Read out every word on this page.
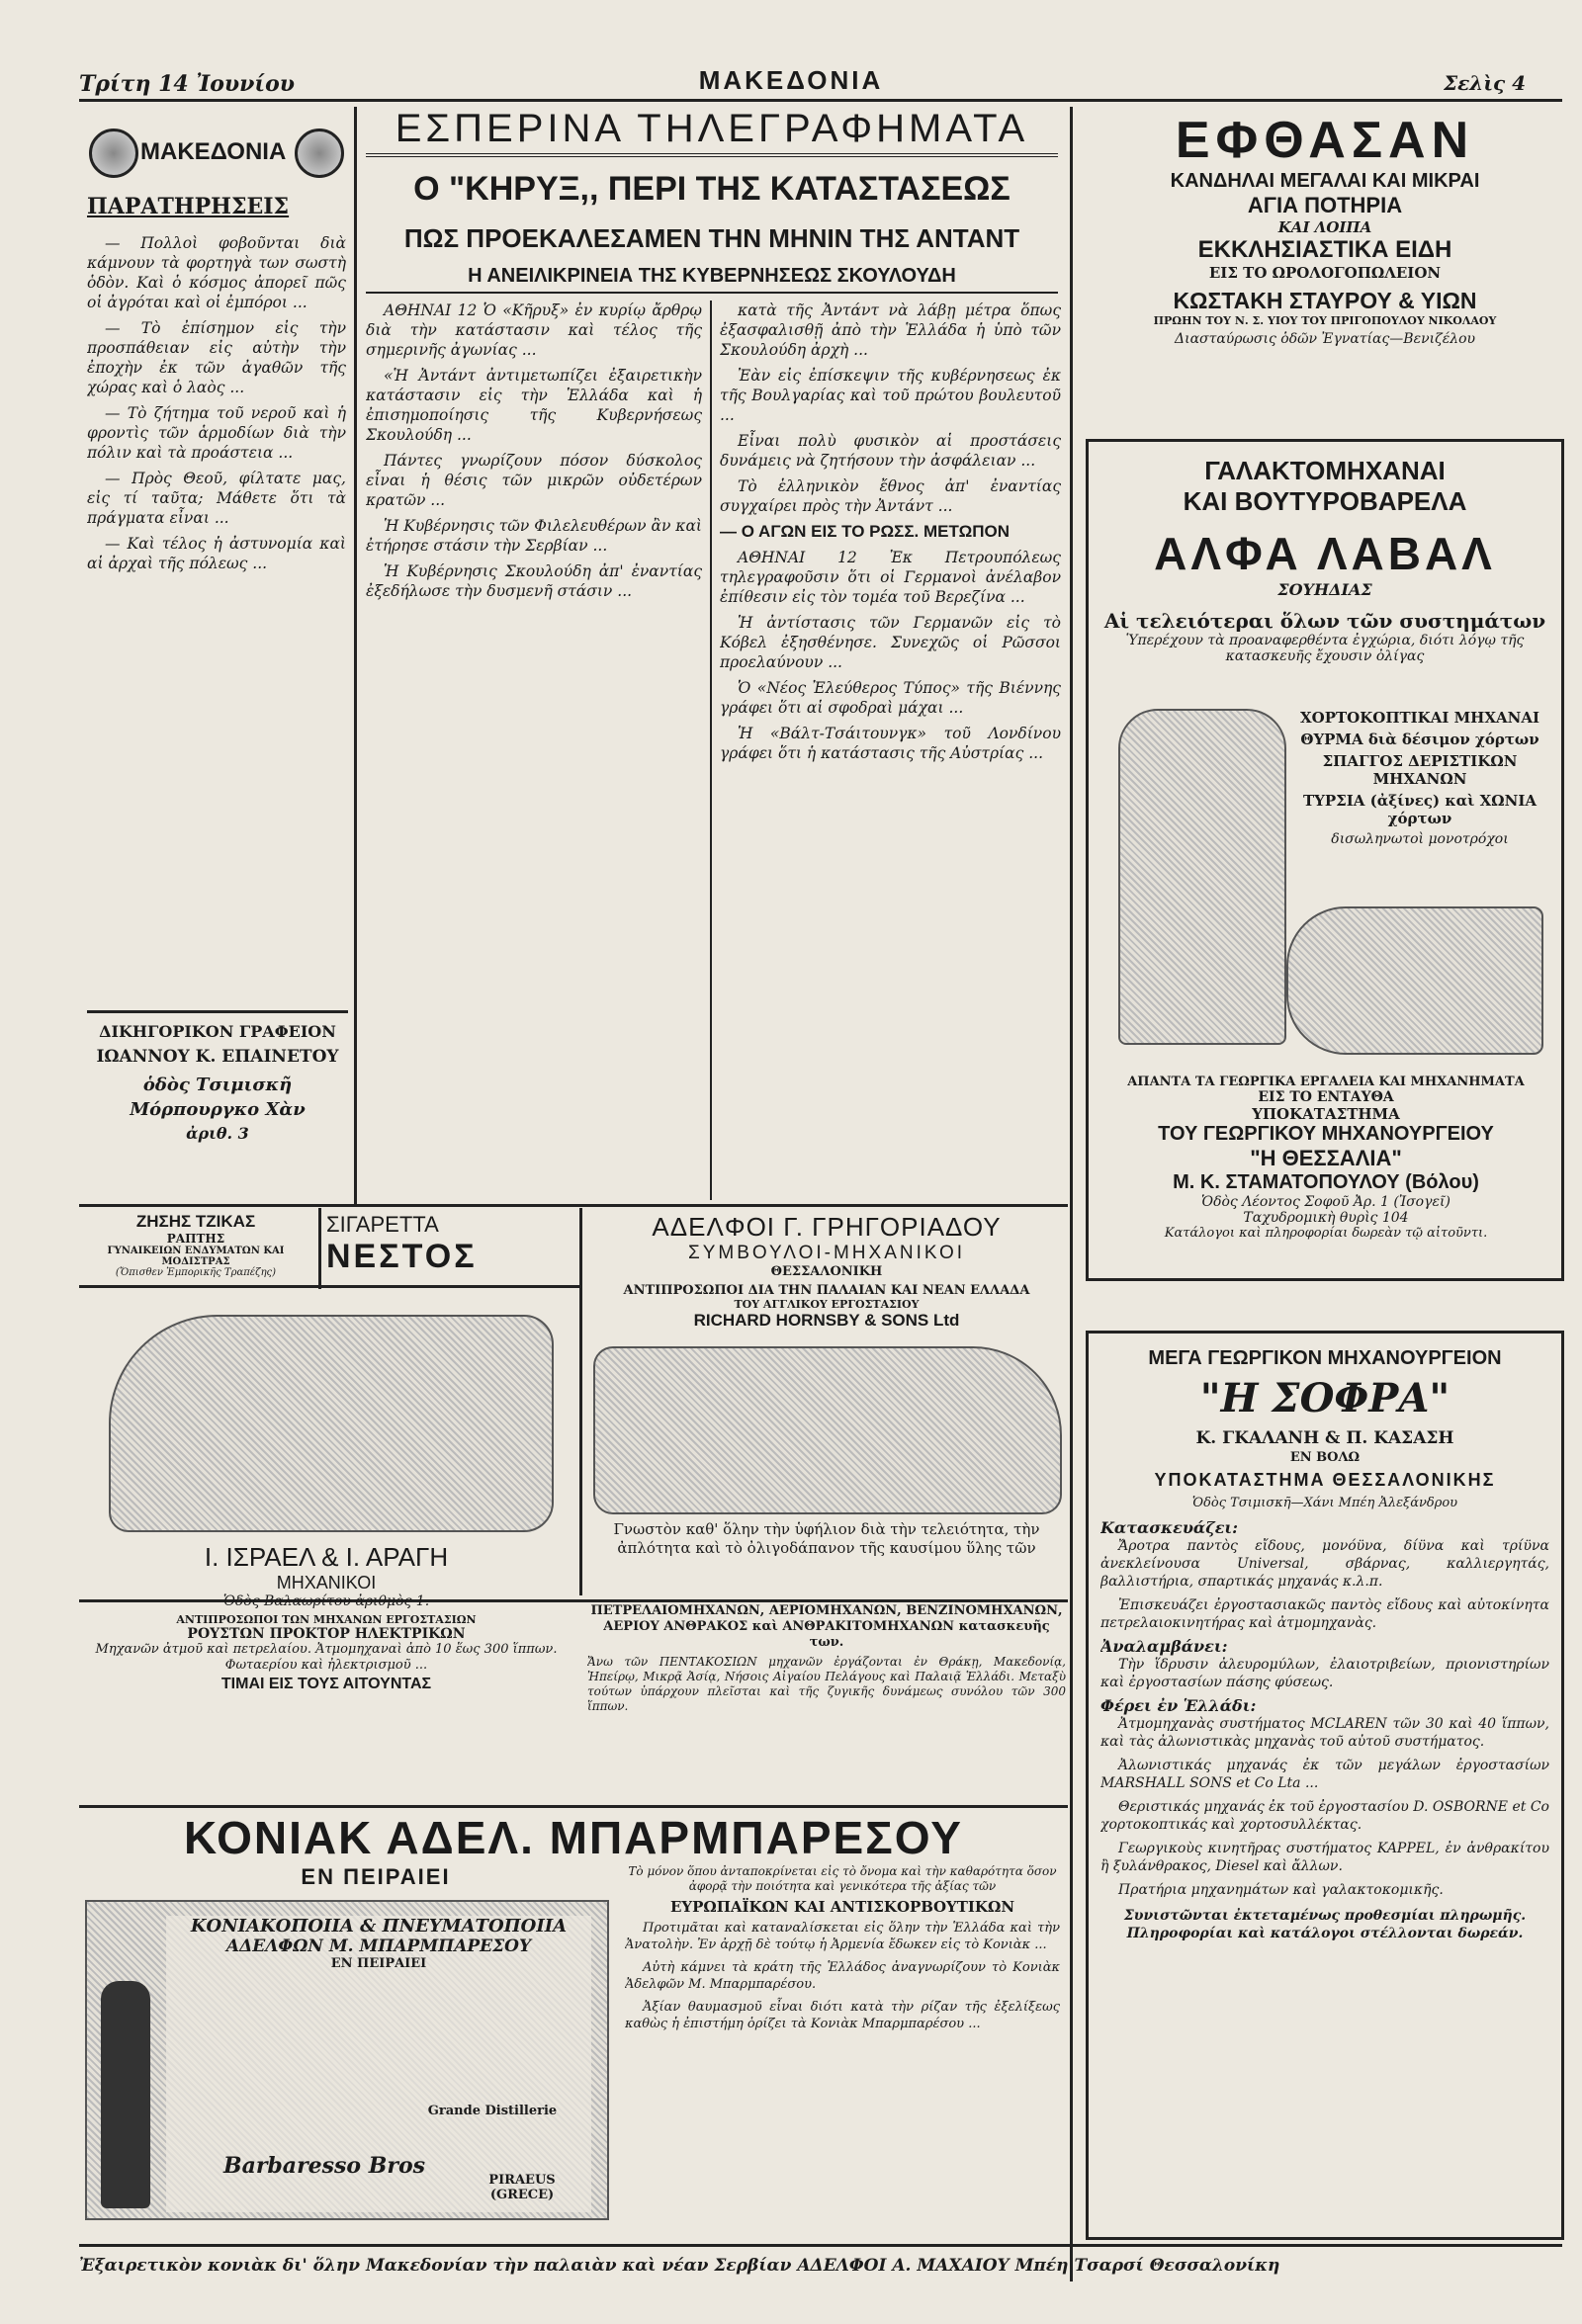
Τρίτη 14 Ἰουνίου	ΜΑΚΕΔΟΝΙΑ	Σελὶς 4
ΜΑΚΕΔΟΝΙΑ
ΠΑΡΑΤΗΡΗΣΕΙΣ

— Πολλοὶ φοβοῦνται διὰ κάμνουν τὰ φορτηγὰ των σωστὴ ὁδὸν. Καὶ ὁ κόσμος ἀπορεῖ πῶς οἱ ἀγρόται καὶ οἱ ἐμπόροι ...

— Τὸ ἐπίσημον εἰς τὴν προσπάθειαν εἰς αὐτὴν τὴν ἐποχὴν ἐκ τῶν ἀγαθῶν τῆς χώρας καὶ ὁ λαὸς ...

— Τὸ ζήτημα τοῦ νεροῦ καὶ ἡ φροντὶς τῶν ἁρμοδίων διὰ τὴν πόλιν καὶ τὰ προάστεια ...

— Πρὸς Θεοῦ, φίλτατε μας, εἰς τί ταῦτα; Μάθετε ὅτι τὰ πράγματα εἶναι ...

— Καὶ τέλος ἡ ἀστυνομία καὶ αἱ ἀρχαὶ τῆς πόλεως ...

ΔΙΚΗΓΟΡΙΚΟΝ ΓΡΑΦΕΙΟΝ
ΙΩΑΝΝΟΥ Κ. ΕΠΑΙΝΕΤΟΥ
ὁδὸς Τσιμισκῆ
Μόρπουργκο Χὰν
ἀριθ. 3
ΕΣΠΕΡΙΝΑ ΤΗΛΕΓΡΑΦΗΜΑΤΑ
Ο "ΚΗΡΥΞ,, ΠΕΡΙ ΤΗΣ ΚΑΤΑΣΤΑΣΕΩΣ
ΠΩΣ ΠΡΟΕΚΑΛΕΣΑΜΕΝ ΤΗΝ ΜΗΝΙΝ ΤΗΣ ΑΝΤΑΝΤ
Η ΑΝΕΙΛΙΚΡΙΝΕΙΑ ΤΗΣ ΚΥΒΕΡΝΗΣΕΩΣ ΣΚΟΥΛΟΥΔΗ

ΑΘΗΝΑΙ 12 Ὁ «Κῆρυξ» ἐν κυρίῳ ἄρθρῳ διὰ τὴν κατάστασιν καὶ τέλος τῆς σημερινῆς ἀγωνίας ...

«Ἡ Ἀντάντ ἀντιμετωπίζει ἐξαιρετικὴν κατάστασιν εἰς τὴν Ἑλλάδα καὶ ἡ ἐπισημοποίησις τῆς Κυβερνήσεως Σκουλούδη ...

Πάντες γνωρίζουν πόσον δύσκολος εἶναι ἡ θέσις τῶν μικρῶν οὐδετέρων κρατῶν ...

Ἡ Κυβέρνησις τῶν Φιλελευθέρων ἂν καὶ ἐτήρησε στάσιν τὴν Σερβίαν ...

Ἡ Κυβέρνησις Σκουλούδη ἀπ' ἐναντίας ἐξεδήλωσε τὴν δυσμενῆ στάσιν ...

κατὰ τῆς Ἀντάντ νὰ λάβῃ μέτρα ὅπως ἐξασφαλισθῇ ἀπὸ τὴν Ἑλλάδα ἡ ὑπὸ τῶν Σκουλούδη ἀρχὴ ...

Ἐὰν εἰς ἐπίσκεψιν τῆς κυβέρνησεως ἐκ τῆς Βουλγαρίας καὶ τοῦ πρώτου βουλευτοῦ ...

Εἶναι πολὺ φυσικὸν αἱ προστάσεις δυνάμεις νὰ ζητήσουν τὴν ἀσφάλειαν ...

Τὸ ἑλληνικὸν ἔθνος ἀπ' ἐναντίας συγχαίρει πρὸς τὴν Ἀντάντ ...

— Ο ΑΓΩΝ ΕΙΣ ΤΟ ΡΩΣΣ. ΜΕΤΩΠΟΝ

ΑΘΗΝΑΙ 12 Ἐκ Πετρουπόλεως τηλεγραφοῦσιν ὅτι οἱ Γερμανοὶ ἀνέλαβον ἐπίθεσιν εἰς τὸν τομέα τοῦ Βερεζίνα ...

Ἡ ἀντίστασις τῶν Γερμανῶν εἰς τὸ Κόβελ ἐξησθένησε. Συνεχῶς οἱ Ρῶσσοι προελαύνουν ...

Ὁ «Νέος Ἐλεύθερος Τύπος» τῆς Βιέννης γράφει ὅτι αἱ σφοδραὶ μάχαι ...

Ἡ «Βάλτ-Τσάιτουνγκ» τοῦ Λονδίνου γράφει ὅτι ἡ κατάστασις τῆς Αὐστρίας ...

ΕΦΘΑΣΑΝ
ΚΑΝΔΗΛΑΙ ΜΕΓΑΛΑΙ ΚΑΙ ΜΙΚΡΑΙ
ΑΓΙΑ ΠΟΤΗΡΙΑ
ΚΑΙ ΛΟΙΠΑ
ΕΚΚΛΗΣΙΑΣΤΙΚΑ ΕΙΔΗ
ΕΙΣ ΤΟ ΩΡΟΛΟΓΟΠΩΛΕΙΟΝ
ΚΩΣΤΑΚΗ ΣΤΑΥΡΟΥ & ΥΙΩΝ
ΠΡΩΗΝ ΤΟΥ Ν. Σ. ΥΙΟΥ ΤΟΥ ΠΡΙΓΟΠΟΥΛΟΥ ΝΙΚΟΛΑΟΥ
Διασταύρωσις ὁδῶν Ἐγνατίας—Βενιζέλου
ΓΑΛΑΚΤΟΜΗΧΑΝΑΙ
ΚΑΙ ΒΟΥΤΥΡΟΒΑΡΕΛΑ
ΑΛΦΑ ΛΑΒΑΛ
ΣΟΥΗΔΙΑΣ
Αἱ τελειότεραι ὅλων τῶν συστημάτων
Ὑπερέχουν τὰ προαναφερθέντα ἐγχώρια, διότι λόγῳ τῆς κατασκευῆς ἔχουσιν ὀλίγας
ΧΟΡΤΟΚΟΠΤΙΚΑΙ ΜΗΧΑΝΑΙ
ΘΥΡΜΑ διὰ δέσιμον χόρτων
ΣΠΑΓΓΟΣ ΔΕΡΙΣΤΙΚΩΝ ΜΗΧΑΝΩΝ
ΤΥΡΣΙΑ (ἀξίνες) καὶ ΧΩΝΙΑ χόρτων
δισωληνωτοὶ μονοτρόχοι
ΑΠΑΝΤΑ ΤΑ ΓΕΩΡΓΙΚΑ ΕΡΓΑΛΕΙΑ ΚΑΙ ΜΗΧΑΝΗΜΑΤΑ
ΕΙΣ ΤΟ ΕΝΤΑΥΘΑ
ΥΠΟΚΑΤΑΣΤΗΜΑ
ΤΟΥ ΓΕΩΡΓΙΚΟΥ ΜΗΧΑΝΟΥΡΓΕΙΟΥ
"Η ΘΕΣΣΑΛΙΑ"
Μ. Κ. ΣΤΑΜΑΤΟΠΟΥΛΟΥ (Βόλου)
Ὁδὸς Λέοντος Σοφοῦ Ἀρ. 1 (Ἰσογεῖ)
Ταχυδρομικὴ θυρὶς 104
Κατάλογοι καὶ πληροφορίαι δωρεὰν τῷ αἰτοῦντι.
ΖΗΣΗΣ ΤΖΙΚΑΣ
ΡΑΠΤΗΣ
ΓΥΝΑΙΚΕΙΩΝ ΕΝΔΥΜΑΤΩΝ ΚΑΙ ΜΟΔΙΣΤΡΑΣ
(Ὄπισθεν Ἐμπορικῆς Τραπέζης)
ΣΙΓΑΡΕΤΤΑ
ΝΕΣΤΟΣ
ΑΔΕΛΦΟΙ Γ. ΓΡΗΓΟΡΙΑΔΟΥ
ΣΥΜΒΟΥΛΟΙ-ΜΗΧΑΝΙΚΟΙ
ΘΕΣΣΑΛΟΝΙΚΗ
ΑΝΤΙΠΡΟΣΩΠΟΙ ΔΙΑ ΤΗΝ ΠΑΛΑΙΑΝ ΚΑΙ ΝΕΑΝ ΕΛΛΑΔΑ
ΤΟΥ ΑΓΓΛΙΚΟΥ ΕΡΓΟΣΤΑΣΙΟΥ
RICHARD HORNSBY & SONS Ltd
Γνωστὸν καθ' ὅλην τὴν ὑφήλιον διὰ τὴν τελειότητα, τὴν ἀπλότητα καὶ τὸ ὀλιγοδάπανον τῆς καυσίμου ὕλης τῶν
ΠΕΤΡΕΛΑΙΟΜΗΧΑΝΩΝ, ΑΕΡΙΟΜΗΧΑΝΩΝ, ΒΕΝΖΙΝΟΜΗΧΑΝΩΝ, ΑΕΡΙΟΥ ΑΝΘΡΑΚΟΣ καὶ ΑΝΘΡΑΚΙΤΟΜΗΧΑΝΩΝ κατασκευῆς των.
Ἄνω τῶν ΠΕΝΤΑΚΟΣΙΩΝ μηχανῶν ἐργάζονται ἐν Θράκῃ, Μακεδονίᾳ, Ἠπείρῳ, Μικρᾷ Ἀσίᾳ, Νήσοις Αἰγαίου Πελάγους καὶ Παλαιᾷ Ἑλλάδι. Μεταξὺ τούτων ὑπάρχουν πλεῖσται καὶ τῆς ζυγικῆς δυνάμεως συνόλου τῶν 300 ἵππων.
Ι. ΙΣΡΑΕΛ & Ι. ΑΡΑΓΗ
ΜΗΧΑΝΙΚΟΙ
Ὁδὸς Βαλαωρίτου ἀριθμὸς 1.
ΑΝΤΙΠΡΟΣΩΠΟΙ ΤΩΝ ΜΗΧΑΝΩΝ ΕΡΓΟΣΤΑΣΙΩΝ
ΡΟΥΣΤΩΝ ΠΡΟΚΤΟΡ ΗΛΕΚΤΡΙΚΩΝ
Μηχανῶν ἀτμοῦ καὶ πετρελαίου. Ἀτμομηχαναὶ ἀπὸ 10 ἕως 300 ἵππων. Φωταερίου καὶ ἠλεκτρισμοῦ ...
ΤΙΜΑΙ ΕΙΣ ΤΟΥΣ ΑΙΤΟΥΝΤΑΣ
ΚΟΝΙΑΚ ΑΔΕΛ. ΜΠΑΡΜΠΑΡΕΣΟΥ
ΕΝ ΠΕΙΡΑΙΕΙ
ΚΟΝΙΑΚΟΠΟΙΙΑ & ΠΝΕΥΜΑΤΟΠΟΙΙΑ
ΑΔΕΛΦΩΝ Μ. ΜΠΑΡΜΠΑΡΕΣΟΥ
ΕΝ ΠΕΙΡΑΙΕΙ
Grande Distillerie
Barbaresso Bros
PIRAEUS (GRECE)
Τὸ μόνον ὅπου ἀνταποκρίνεται εἰς τὸ ὄνομα καὶ τὴν καθαρότητα ὅσον ἀφορᾷ τὴν ποιότητα καὶ γενικότερα τῆς ἀξίας τῶν
ΕΥΡΩΠΑΪΚΩΝ ΚΑΙ ΑΝΤΙΣΚΟΡΒΟΥΤΙΚΩΝ

Προτιμᾶται καὶ καταναλίσκεται εἰς ὅλην τὴν Ἑλλάδα καὶ τὴν Ἀνατολὴν. Ἐν ἀρχῇ δὲ τούτῳ ἡ Ἀρμενία ἔδωκεν εἰς τὸ Κονιὰκ ...

Αὐτὴ κάμνει τὰ κράτη τῆς Ἑλλάδος ἀναγνωρίζουν τὸ Κονιὰκ Ἀδελφῶν Μ. Μπαρμπαρέσου.

Ἀξίαν θαυμασμοῦ εἶναι διότι κατὰ τὴν ρίζαν τῆς ἐξελίξεως καθὼς ἡ ἐπιστήμη ὁρίζει τὰ Κονιὰκ Μπαρμπαρέσου ...

ΜΕΓΑ ΓΕΩΡΓΙΚΟΝ ΜΗΧΑΝΟΥΡΓΕΙΟΝ
"Η ΣΟΦΡΑ"
Κ. ΓΚΑΛΑΝΗ & Π. ΚΑΣΑΣΗ
ΕΝ ΒΟΛΩ
ΥΠΟΚΑΤΑΣΤΗΜΑ ΘΕΣΣΑΛΟΝΙΚΗΣ
Ὁδὸς Τσιμισκῆ—Χάνι Μπέη Ἀλεξάνδρου
Κατασκευάζει:

Ἄροτρα παντὸς εἴδους, μονόϋνα, δίϋνα καὶ τρίϋνα ἀνεκλείνουσα Universal, σβάρνας, καλλιεργητάς, βαλλιστήρια, σπαρτικάς μηχανάς κ.λ.π.

Ἐπισκευάζει ἐργοστασιακῶς παντὸς εἴδους καὶ αὐτοκίνητα πετρελαιοκινητήρας καὶ ἀτμομηχανὰς.

Ἀναλαμβάνει:

Τὴν ἵδρυσιν ἀλευρομύλων, ἐλαιοτριβείων, πριονιστηρίων καὶ ἐργοστασίων πάσης φύσεως.

Φέρει ἐν Ἑλλάδι:

Ἀτμομηχανὰς συστήματος MCLAREN τῶν 30 καὶ 40 ἵππων, καὶ τὰς ἀλωνιστικὰς μηχανὰς τοῦ αὐτοῦ συστήματος.

Ἀλωνιστικάς μηχανάς ἐκ τῶν μεγάλων ἐργοστασίων MARSHALL SONS et Co Lta ...

Θεριστικάς μηχανάς ἐκ τοῦ ἐργοστασίου D. OSBORNE et Co χορτοκοπτικάς καὶ χορτοσυλλέκτας.

Γεωργικοὺς κινητῆρας συστήματος KAPPEL, ἐν ἀνθρακίτου ἢ ξυλάνθρακος, Diesel καὶ ἄλλων.

Πρατήρια μηχανημάτων καὶ γαλακτοκομικῆς.

Συνιστῶνται ἐκτεταμένως προθεσμίαι πληρωμῆς. Πληροφορίαι καὶ κατάλογοι στέλλονται δωρεάν.
Ἐξαιρετικὸν κονιὰκ δι' ὅλην Μακεδονίαν τὴν παλαιὰν καὶ νέαν Σερβίαν ΑΔΕΛΦΟΙ Α. ΜΑΧΑΙΟΥ Μπέη Τσαρσί Θεσσαλονίκη
